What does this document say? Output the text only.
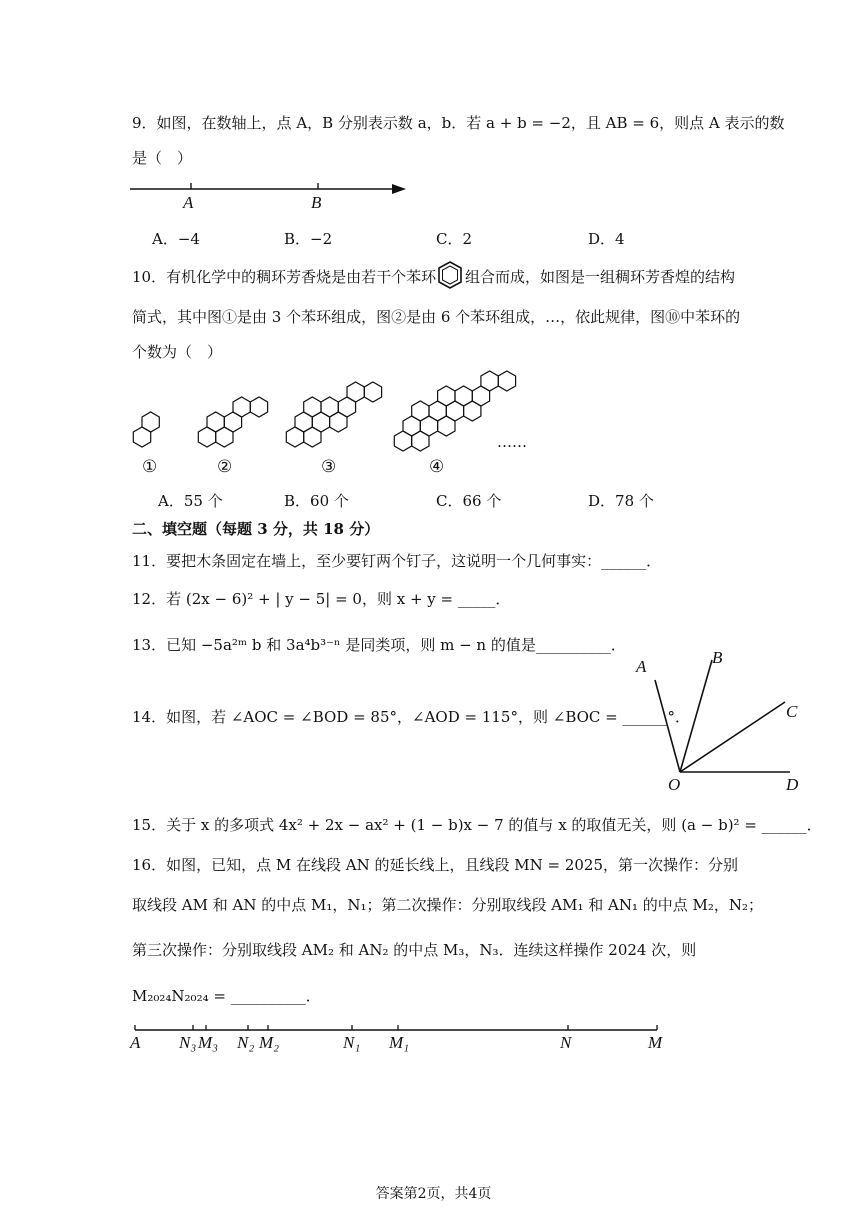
9．如图，在数轴上，点 A，B 分别表示数 a，b．若 a + b = −2，且 AB = 6，则点 A 表示的数
是（　）
A	B
A．−4	B．−2	C．2	D．4
10．有机化学中的稠环芳香烧是由若干个苯环 组合而成，如图是一组稠环芳香煌的结构
简式，其中图①是由 3 个苯环组成，图②是由 6 个苯环组成，…，依此规律，图⑩中苯环的
个数为（　）
①	②	③	④
……
A．55 个	B．60 个	C．66 个	D．78 个
二、填空题（每题 3 分，共 18 分）
11．要把木条固定在墙上，至少要钉两个钉子，这说明一个几何事实：______．
12．若 (2x − 6)² + | y − 5| = 0，则 x + y = _____．
13．已知 −5a²ᵐ b 和 3a⁴b³⁻ⁿ 是同类项，则 m − n 的值是__________．
14．如图，若 ∠AOC = ∠BOD = 85°，∠AOD = 115°，则 ∠BOC = ______°．
A	B
C
O	D
15．关于 x 的多项式 4x² + 2x − ax² + (1 − b)x − 7 的值与 x 的取值无关，则 (a − b)² = ______．
16．如图，已知，点 M 在线段 AN 的延长线上，且线段 MN = 2025，第一次操作：分别
取线段 AM 和 AN 的中点 M₁，N₁；第二次操作：分别取线段 AM₁ 和 AN₁ 的中点 M₂，N₂；
第三次操作：分别取线段 AM₂ 和 AN₂ 的中点 M₃，N₃．连续这样操作 2024 次，则
M₂₀₂₄N₂₀₂₄ = __________．
A N₃ M₃ N₂ M₂	N₁ M₁	N	M
答案第2页，共4页
